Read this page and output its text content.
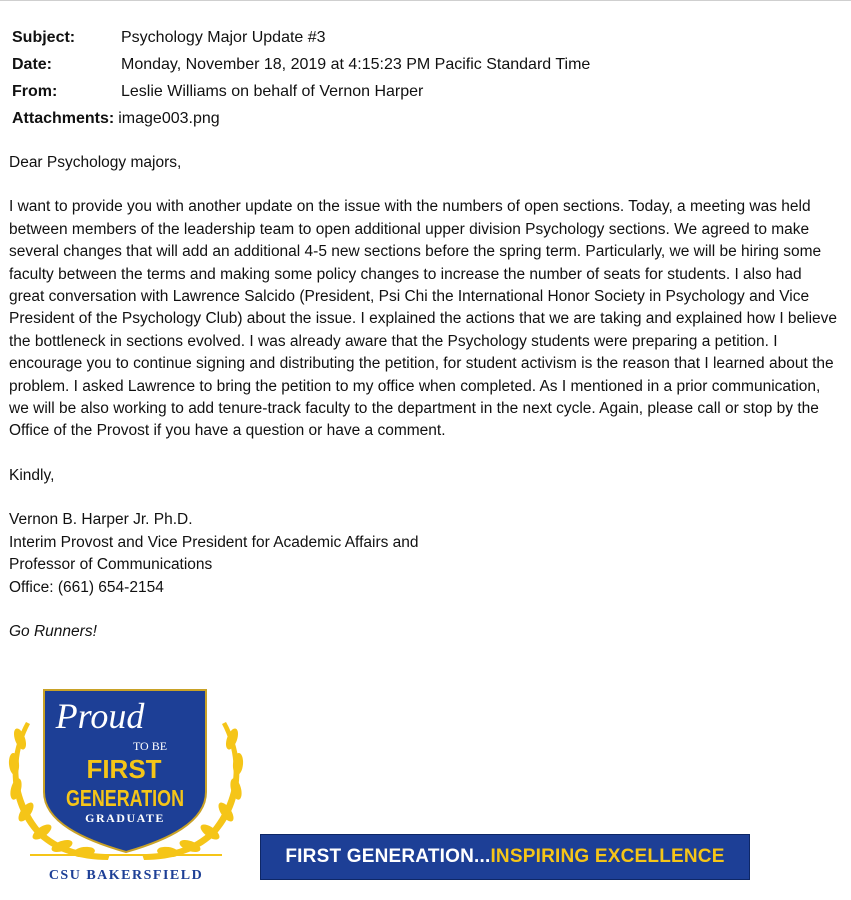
Subject:	Psychology Major Update #3
Date:	Monday, November 18, 2019 at 4:15:23 PM Pacific Standard Time
From:	Leslie Williams on behalf of Vernon Harper
Attachments: image003.png

Dear Psychology majors,

I want to provide you with another update on the issue with the numbers of open sections. Today, a meeting was held between members of the leadership team to open additional upper division Psychology sections. We agreed to make several changes that will add an additional 4-5 new sections before the spring term. Particularly, we will be hiring some faculty between the terms and making some policy changes to increase the number of seats for students. I also had great conversation with Lawrence Salcido (President, Psi Chi the International Honor Society in Psychology and Vice President of the Psychology Club) about the issue. I explained the actions that we are taking and explained how I believe the bottleneck in sections evolved. I was already aware that the Psychology students were preparing a petition. I encourage you to continue signing and distributing the petition, for student activism is the reason that I learned about the problem. I asked Lawrence to bring the petition to my office when completed. As I mentioned in a prior communication, we will be also working to add tenure-track faculty to the department in the next cycle. Again, please call or stop by the Office of the Provost if you have a question or have a comment.

Kindly,

Vernon B. Harper Jr. Ph.D.
Interim Provost and Vice President for Academic Affairs and
Professor of Communications
Office: (661) 654-2154

Go Runners!

Proud
TO BE
FIRST
GENERATION
GRADUATE
CSU BAKERSFIELD
FIRST GENERATION... INSPIRING EXCELLENCE
